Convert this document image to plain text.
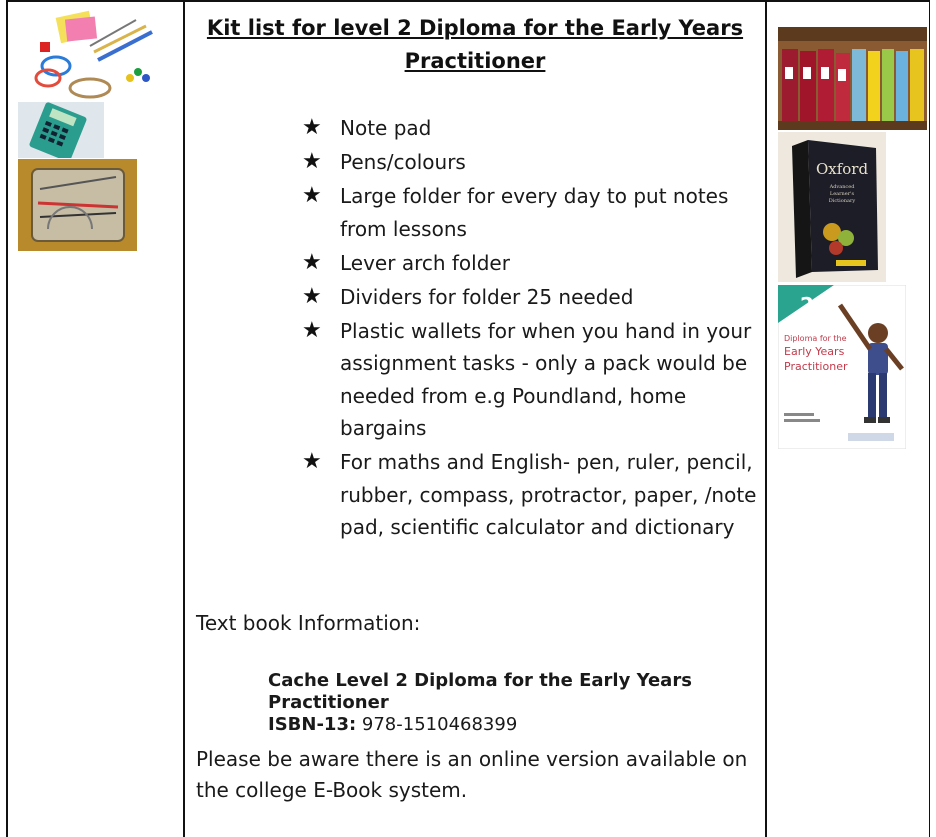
Oxford
Advanced
Learner's
Dictionary
2
Diploma for the
Early Years
Practitioner
Kit list for level 2 Diploma for the Early Years Practitioner
★ Note pad
★ Pens/colours
★ Large folder for every day to put notes from lessons
★ Lever arch folder
★ Dividers for folder 25 needed
★ Plastic wallets for when you hand in your assignment tasks - only a pack would be needed from e.g Poundland, home bargains
★ For maths and English- pen, ruler, pencil, rubber, compass, protractor, paper, /note pad, scientific calculator and dictionary
Text book Information:
Cache Level 2 Diploma for the Early Years Practitioner
ISBN-13: 978-1510468399
Please be aware there is an online version available on the college E-Book system.
